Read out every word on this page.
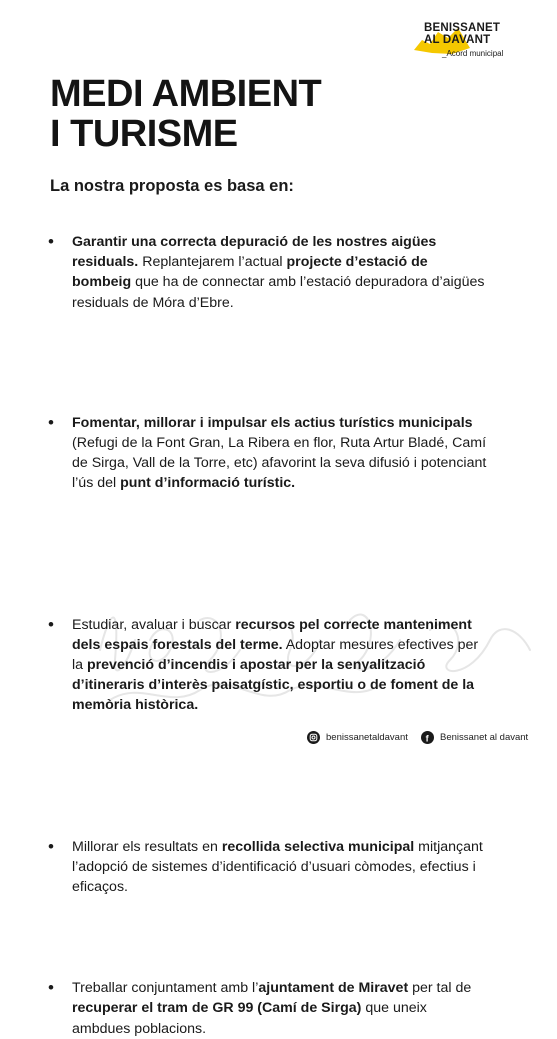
BENISSANET
AL DAVANT
_Acord municipal
MEDI AMBIENT
I TURISME
La nostra proposta es basa en:
• Garantir una correcta depuració de les nostres aigües residuals. Replantejarem l’actual projecte d’estació de bombeig que ha de connectar amb l’estació depuradora d’aigües residuals de Móra d’Ebre.
• Fomentar, millorar i impulsar els actius turístics municipals (Refugi de la Font Gran, La Ribera en flor, Ruta Artur Bladé, Camí de Sirga, Vall de la Torre, etc) afavorint la seva difusió i potenciant l’ús del punt d’informació turístic.
• Estudiar, avaluar i buscar recursos pel correcte manteniment dels espais forestals del terme. Adoptar mesures efectives per la prevenció d’incendis i apostar per la senyalització d’itineraris d’interès paisatgístic, esportiu o de foment de la memòria històrica.
• Millorar els resultats en recollida selectiva municipal mitjançant l’adopció de sistemes d’identificació d’usuari còmodes, efectius i eficaços.
• Treballar conjuntament amb l’ajuntament de Miravet per tal de recuperar el tram de GR 99 (Camí de Sirga) que uneix ambdues poblacions.
benissanetaldavant f Benissanet al davant
